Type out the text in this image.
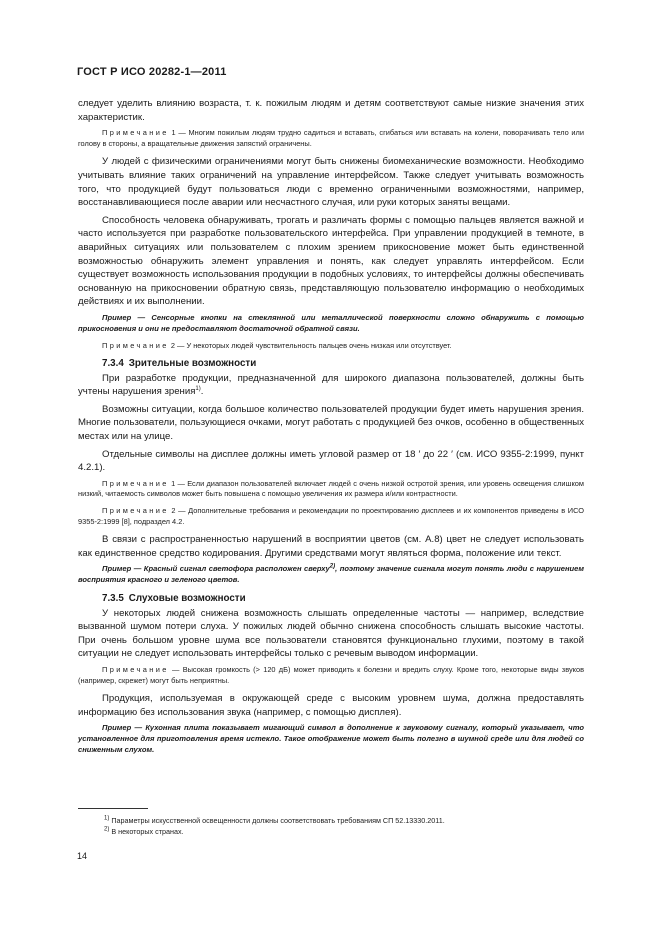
ГОСТ Р ИСО 20282-1—2011

следует уделить влиянию возраста, т. к. пожилым людям и детям соответствуют самые низкие значения этих характеристик.

Примечание 1 — Многим пожилым людям трудно садиться и вставать, сгибаться или вставать на колени, поворачивать тело или голову в стороны, а вращательные движения запястий ограничены.

У людей с физическими ограничениями могут быть снижены биомеханические возможности. Необходимо учитывать влияние таких ограничений на управление интерфейсом. Также следует учитывать возможность того, что продукцией будут пользоваться люди с временно ограниченными возможностями, например, восстанавливающиеся после аварии или несчастного случая, или руки которых заняты вещами.

Способность человека обнаруживать, трогать и различать формы с помощью пальцев является важной и часто используется при разработке пользовательского интерфейса. При управлении продукцией в темноте, в аварийных ситуациях или пользователем с плохим зрением прикосновение может быть единственной возможностью обнаружить элемент управления и понять, как следует управлять интерфейсом. Если существует возможность использования продукции в подобных условиях, то интерфейсы должны обеспечивать основанную на прикосновении обратную связь, представляющую пользователю информацию о необходимых действиях и их выполнении.

Пример — Сенсорные кнопки на стеклянной или металлической поверхности сложно обнаружить с помощью прикосновения и они не предоставляют достаточной обратной связи.

Примечание 2 — У некоторых людей чувствительность пальцев очень низкая или отсутствует.

7.3.4 Зрительные возможности

При разработке продукции, предназначенной для широкого диапазона пользователей, должны быть учтены нарушения зрения$^{1)}$.

Возможны ситуации, когда большое количество пользователей продукции будет иметь нарушения зрения. Многие пользователи, пользующиеся очками, могут работать с продукцией без очков, особенно в общественных местах или на улице.

Отдельные символы на дисплее должны иметь угловой размер от 18 ′ до 22 ′ (см. ИСО 9355-2:1999, пункт 4.2.1).

Примечание 1 — Если диапазон пользователей включает людей с очень низкой остротой зрения, или уровень освещения слишком низкий, читаемость символов может быть повышена с помощью увеличения их размера и/или контрастности.

Примечание 2 — Дополнительные требования и рекомендации по проектированию дисплеев и их компонентов приведены в ИСО 9355-2:1999 [8], подраздел 4.2.

В связи с распространенностью нарушений в восприятии цветов (см. А.8) цвет не следует использовать как единственное средство кодирования. Другими средствами могут являться форма, положение или текст.

Пример — Красный сигнал светофора расположен сверху$^{2)}$, поэтому значение сигнала могут понять люди с нарушением восприятия красного и зеленого цветов.

7.3.5 Слуховые возможности

У некоторых людей снижена возможность слышать определенные частоты — например, вследствие вызванной шумом потери слуха. У пожилых людей обычно снижена способность слышать высокие частоты. При очень большом уровне шума все пользователи становятся функционально глухими, поэтому в такой ситуации не следует использовать интерфейсы только с речевым выводом информации.

Примечание — Высокая громкость (> 120 дБ) может приводить к болезни и вредить слуху. Кроме того, некоторые виды звуков (например, скрежет) могут быть неприятны.

Продукция, используемая в окружающей среде с высоким уровнем шума, должна предоставлять информацию без использования звука (например, с помощью дисплея).

Пример — Кухонная плита показывает мигающий символ в дополнение к звуковому сигналу, который указывает, что установленное для приготовления время истекло. Такое отображение может быть полезно в шумной среде или для людей со сниженным слухом.

$^{1)}$ Параметры искусственной освещенности должны соответствовать требованиям СП 52.13330.2011.
$^{2)}$ В некоторых странах.
14
